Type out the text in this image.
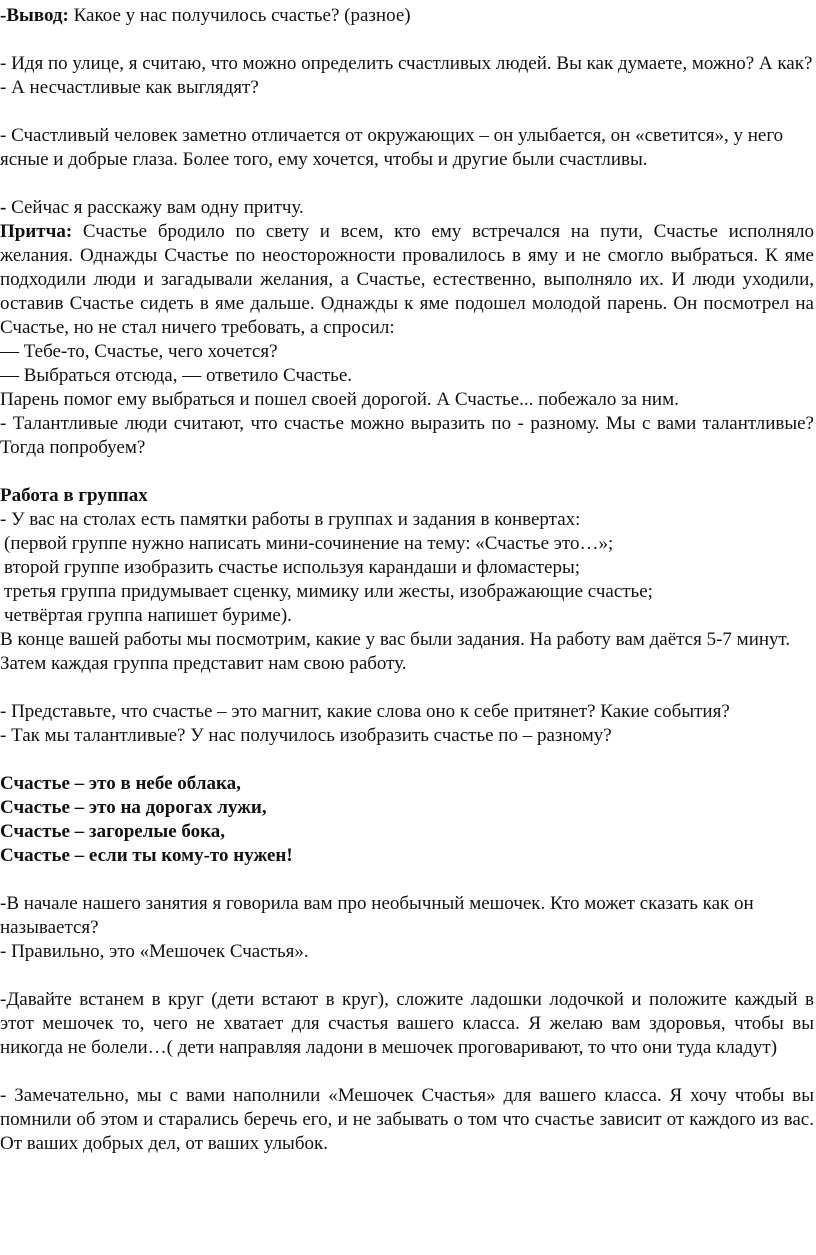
-Вывод: Какое у нас получилось счастье? (разное)

- Идя по улице, я считаю, что можно определить счастливых людей. Вы как думаете, можно? А как?

- А несчастливые как выглядят?

- Счастливый человек заметно отличается от окружающих – он улыбается, он «светится», у него ясные и добрые глаза. Более того, ему хочется, чтобы и другие были счастливы.

- Сейчас я расскажу вам одну притчу.

Притча: Счастье бродило по свету и всем, кто ему встречался на пути, Счастье исполняло желания. Однажды Счастье по неосторожности провалилось в яму и не смогло выбраться. К яме подходили люди и загадывали желания, а Счастье, естественно, выполняло их. И люди уходили, оставив Счастье сидеть в яме дальше. Однажды к яме подошел молодой парень. Он посмотрел на Счастье, но не стал ничего требовать, а спросил:

— Тебе-то, Счастье, чего хочется?

— Выбраться отсюда, — ответило Счастье.

Парень помог ему выбраться и пошел своей дорогой. А Счастье... побежало за ним.

- Талантливые люди считают, что счастье можно выразить по - разному. Мы с вами талантливые? Тогда попробуем?

Работа в группах

- У вас на столах есть памятки работы в группах и задания в конвертах:

(первой группе нужно написать мини-сочинение на тему: «Счастье это…»;

второй группе изобразить счастье используя карандаши и фломастеры;

третья группа придумывает сценку, мимику или жесты, изображающие счастье;

четвёртая группа напишет буриме).

В конце вашей работы мы посмотрим, какие у вас были задания. На работу вам даётся 5-7 минут. Затем каждая группа представит нам свою работу.

- Представьте, что счастье – это магнит, какие слова оно к себе притянет? Какие события?

- Так мы талантливые? У нас получилось изобразить счастье по – разному?

Счастье – это в небе облака,

Счастье – это на дорогах лужи,

Счастье – загорелые бока,

Счастье – если ты кому-то нужен!

-В начале нашего занятия я говорила вам про необычный мешочек. Кто может сказать как он называется?

- Правильно, это «Мешочек Счастья».

-Давайте встанем в круг (дети встают в круг), сложите ладошки лодочкой и положите каждый в этот мешочек то, чего не хватает для счастья вашего класса. Я желаю вам здоровья, чтобы вы никогда не болели…( дети направляя ладони в мешочек проговаривают, то что они туда кладут)

- Замечательно, мы с вами наполнили «Мешочек Счастья» для вашего класса. Я хочу чтобы вы помнили об этом и старались беречь его, и не забывать о том что счастье зависит от каждого из вас. От ваших добрых дел, от ваших улыбок.
